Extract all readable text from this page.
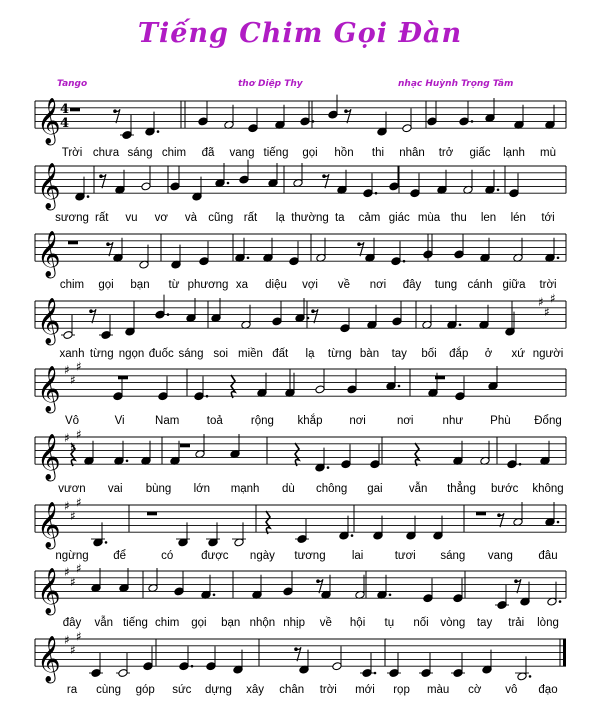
Tiếng Chim Gọi Đàn
Tango	thơ Diệp Thy	nhạc Huỳnh Trọng Tâm
𝄞 4
4
Trời chưa sáng chim đã vang tiếng gọi hồn thi nhân trở giấc lạnh mù
𝄞
sương rất vu vơ và cũng rất lạ thường ta cảm giác mùa thu len lén tới
𝄞
chim gọi bạn từ phương xa diệu vợi về nơi đây tung cánh giữa trời
𝄞	♯
♯
♯
xanh từng ngọn đuốc sáng soi miền đất lạ từng bàn tay bối đắp ở xứ người
𝄞 ♯
♯
♯
Vô	Vi	Nam toả rộng khắp nơi	nơi	như Phù Đổng
𝄞 ♯
♯
♯
vươn vai bùng lớn mạnh dù chông gai vẫn thẳng bước không
𝄞 ♯
♯
♯
ngừng để	có được ngày tương lai	tươi sáng vang đâu
𝄞 ♯
♯
♯
đây vẫn tiếng chim gọi bạn nhộn nhịp về hội tụ nối vòng tay trải lòng
𝄞 ♯
♯
♯
ra cùng góp sức dựng xây chân trời mới rọp màu cờ vô đạo
